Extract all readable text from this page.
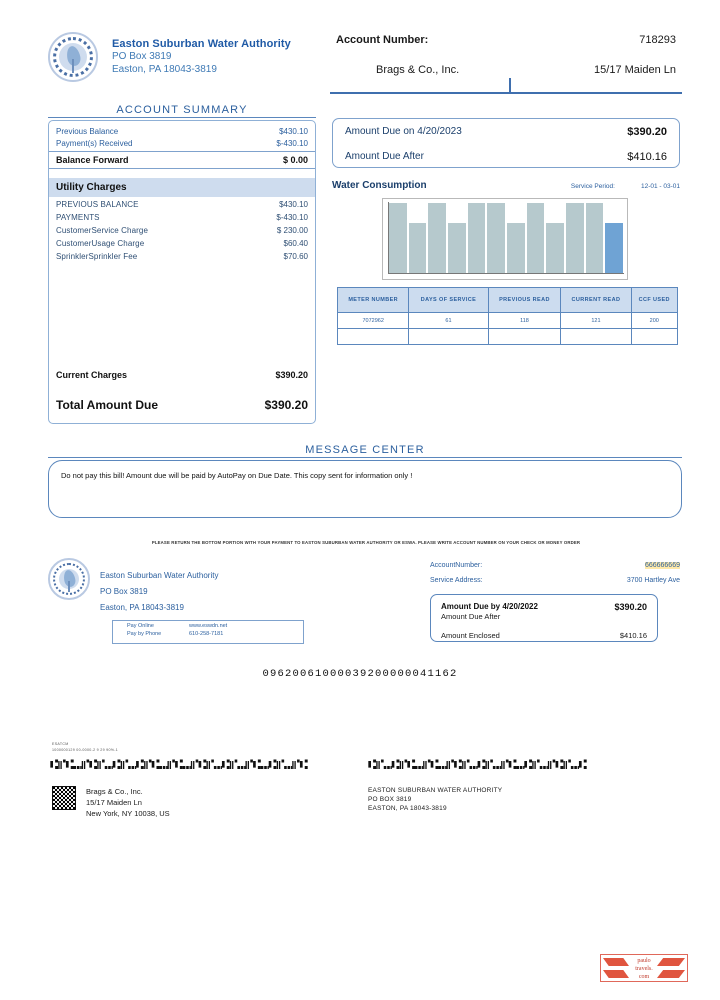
Easton Suburban Water Authority
PO Box 3819
Easton, PA 18043-3819
Account Number:	718293
Brags & Co., Inc.	15/17 Maiden Ln
ACCOUNT SUMMARY
Previous Balance	$430.10
Payment(s) Received	$-430.10
Balance Forward	$ 0.00
Utility Charges
PREVIOUS BALANCE	$430.10
PAYMENTS	$-430.10
CustomerService Charge	$ 230.00
CustomerUsage Charge	$60.40
SprinklerSprinkler Fee	$70.60
Current Charges	$390.20
Total Amount Due	$390.20
Amount Due on 4/20/2023	$390.20
Amount Due After	$410.16
Water Consumption	Service Period:	12-01 - 03-01
METER NUMBER	DAYS OF SERVICE	PREVIOUS READ	CURRENT READ	CCF USED
7072962	61	118	121	200

MESSAGE CENTER
Do not pay this bill! Amount due will be paid by AutoPay on Due Date. This copy sent for information only !
PLEASE RETURN THE BOTTOM PORTION WITH YOUR PAYMENT TO EASTON SUBURBAN WATER AUTHORITY OR ESWA. PLEASE WRITE ACCOUNT NUMBER ON YOUR CHECK OR MONEY ORDER
Easton Suburban Water Authority
PO Box 3819
Easton, PA 18043-3819
Pay Online	www.eswdn.net
Pay by Phone	610-258-7181
AccountNumber:	666666669
Service Address:	3700 Hartley Ave
Amount Due by 4/20/2022	$390.20
Amount Due After
Amount Enclosed	$410.16
09620061000039200000041162
ESATCM
1000000129 00-0000-2 9 29 90%-1
⑆⑈⑆⑉⑈⑆⑈⑉⑆⑈⑉⑆⑈⑆⑉⑈⑆⑉⑈⑆⑈⑉⑆⑈⑉⑈⑆⑉⑆⑈⑉⑈⑆	⑆⑈⑉⑆⑈⑆⑉⑈⑆⑉⑈⑆⑈⑉⑆⑈⑉⑈⑆⑉⑆⑈⑉⑈⑆⑈⑉⑆
Brags & Co., Inc.
15/17 Maiden Ln
New York, NY 10038, US
EASTON SUBURBAN WATER AUTHORITY
PO BOX 3819
EASTON, PA 18043-3819
paulo
travels.
com
